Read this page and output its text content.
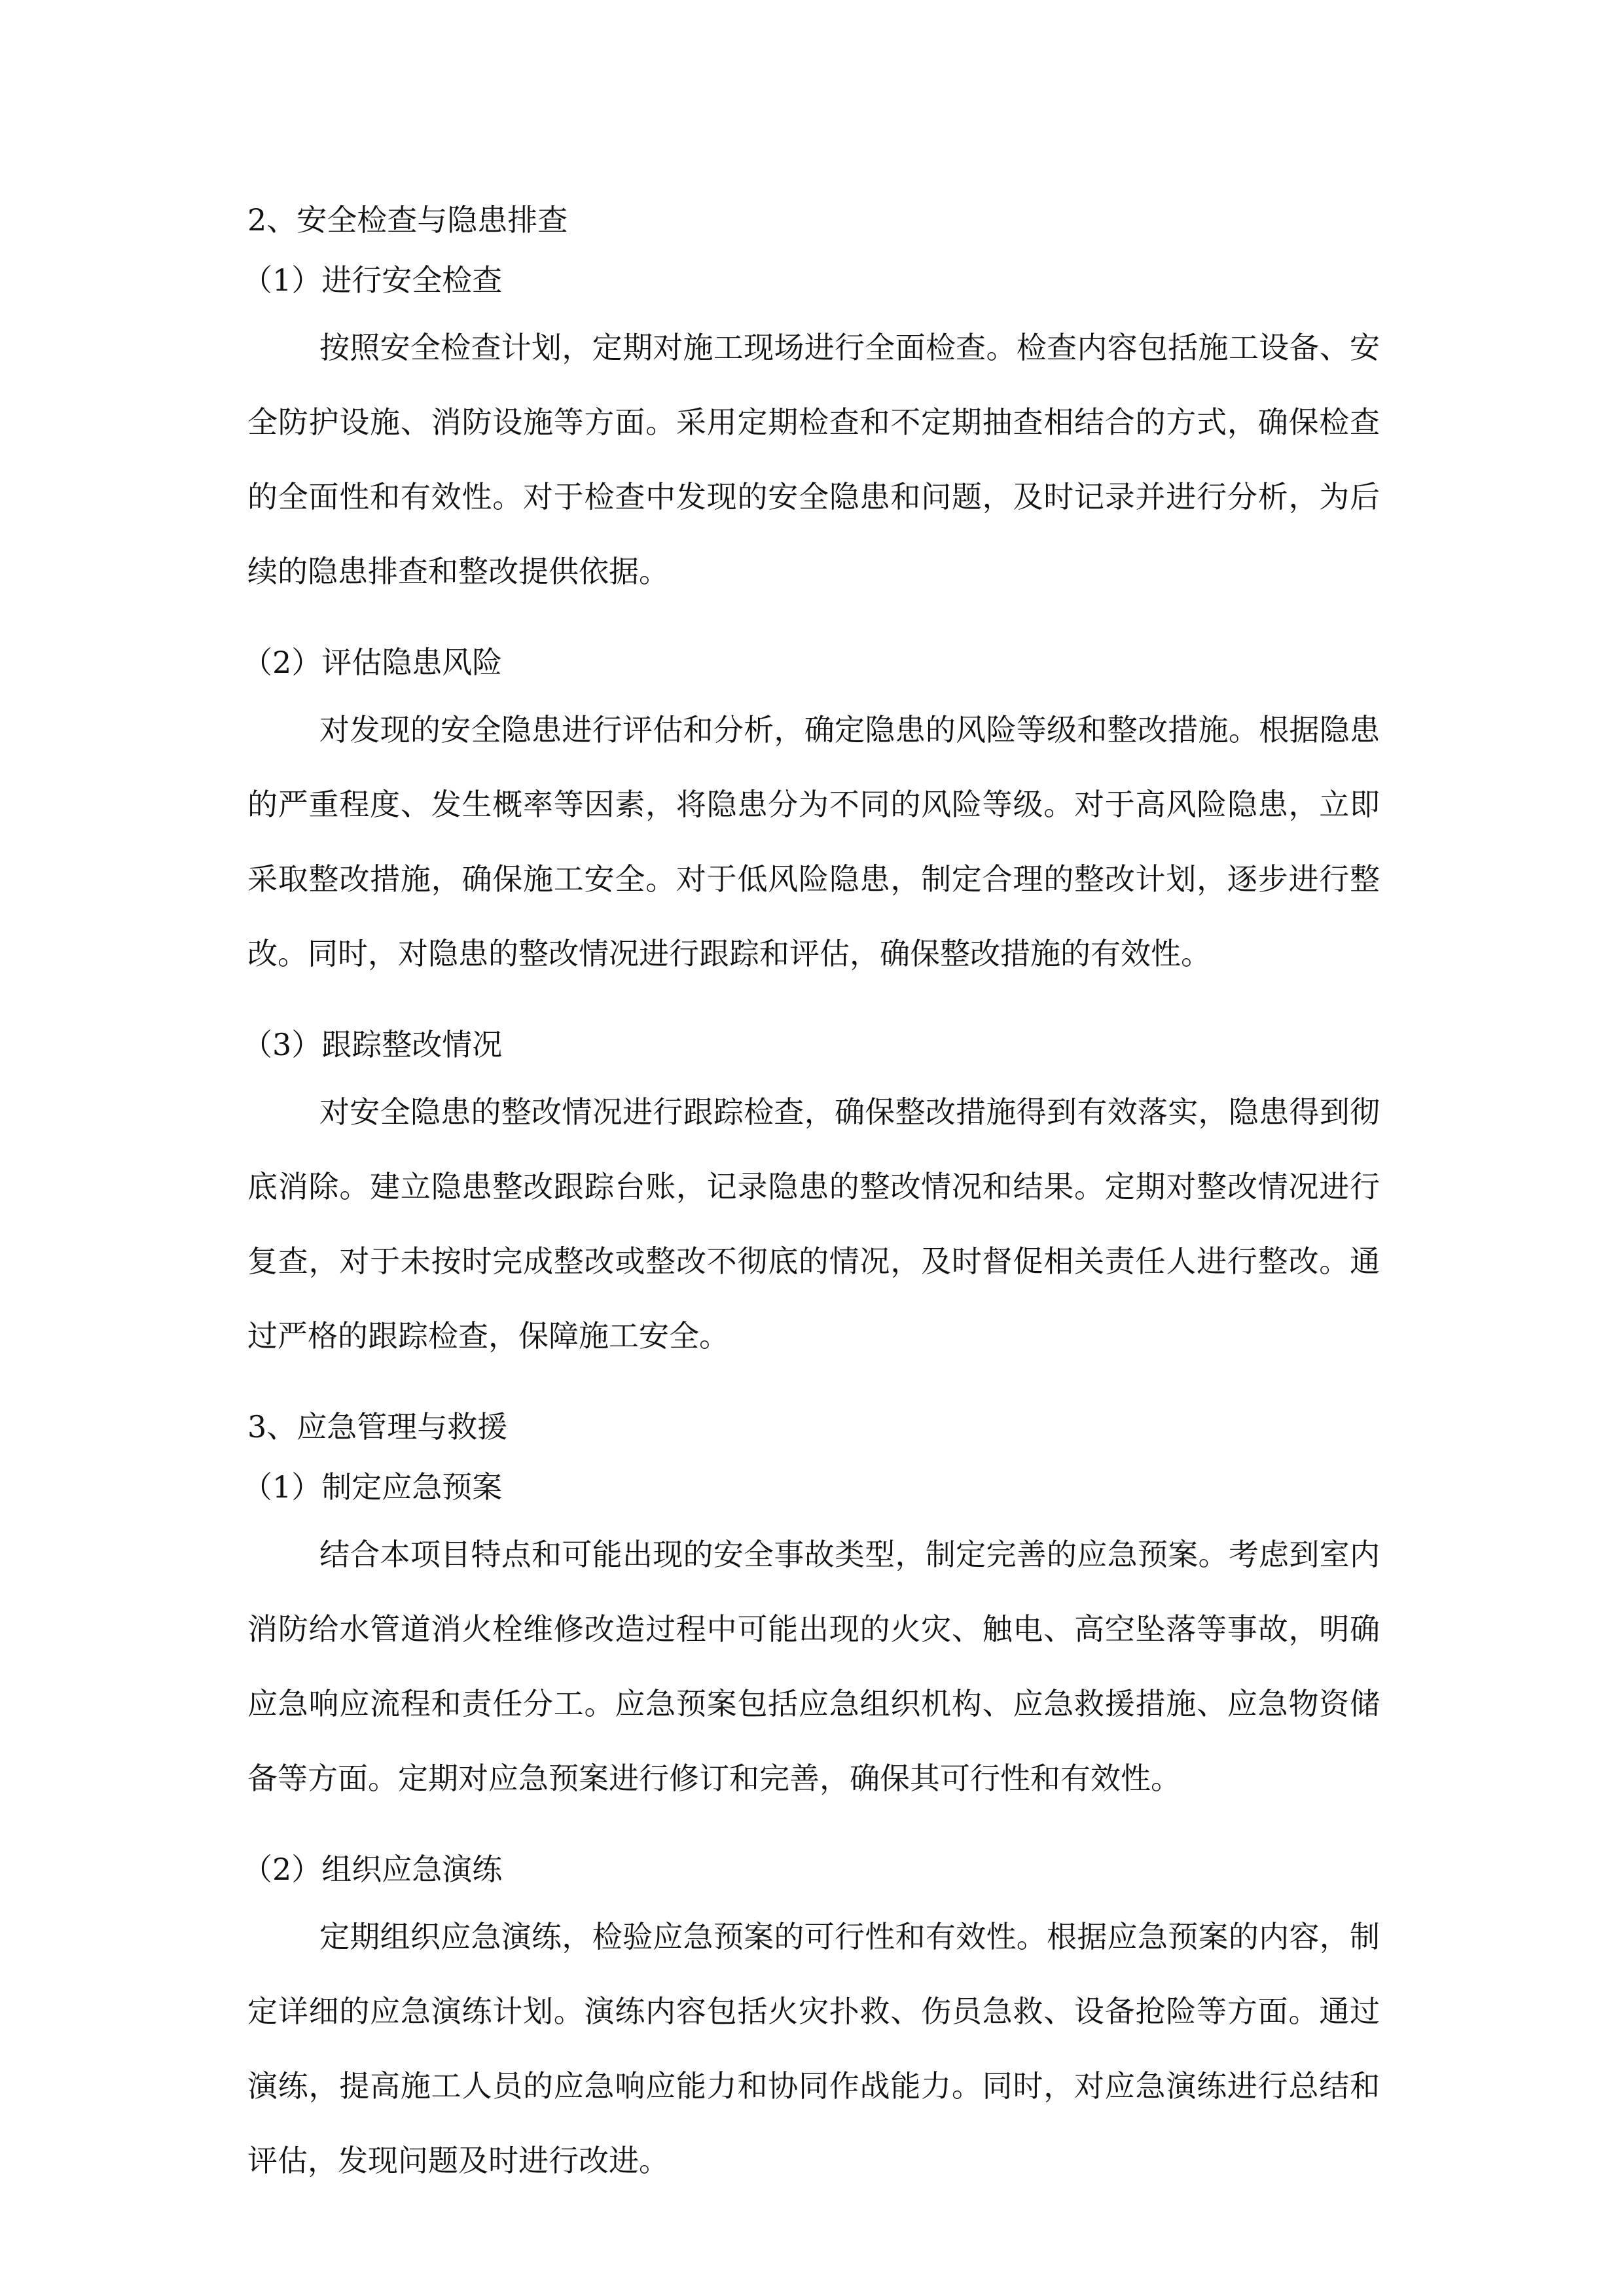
2、安全检查与隐患排查

（1）进行安全检查

按照安全检查计划，定期对施工现场进行全面检查。检查内容包括施工设备、安全防护设施、消防设施等方面。采用定期检查和不定期抽查相结合的方式，确保检查的全面性和有效性。对于检查中发现的安全隐患和问题，及时记录并进行分析，为后续的隐患排查和整改提供依据。

（2）评估隐患风险

对发现的安全隐患进行评估和分析，确定隐患的风险等级和整改措施。根据隐患的严重程度、发生概率等因素，将隐患分为不同的风险等级。对于高风险隐患，立即采取整改措施，确保施工安全。对于低风险隐患，制定合理的整改计划，逐步进行整改。同时，对隐患的整改情况进行跟踪和评估，确保整改措施的有效性。

（3）跟踪整改情况

对安全隐患的整改情况进行跟踪检查，确保整改措施得到有效落实，隐患得到彻底消除。建立隐患整改跟踪台账，记录隐患的整改情况和结果。定期对整改情况进行复查，对于未按时完成整改或整改不彻底的情况，及时督促相关责任人进行整改。通过严格的跟踪检查，保障施工安全。

3、应急管理与救援

（1）制定应急预案

结合本项目特点和可能出现的安全事故类型，制定完善的应急预案。考虑到室内消防给水管道消火栓维修改造过程中可能出现的火灾、触电、高空坠落等事故，明确应急响应流程和责任分工。应急预案包括应急组织机构、应急救援措施、应急物资储备等方面。定期对应急预案进行修订和完善，确保其可行性和有效性。

（2）组织应急演练

定期组织应急演练，检验应急预案的可行性和有效性。根据应急预案的内容，制定详细的应急演练计划。演练内容包括火灾扑救、伤员急救、设备抢险等方面。通过演练，提高施工人员的应急响应能力和协同作战能力。同时，对应急演练进行总结和评估，发现问题及时进行改进。
